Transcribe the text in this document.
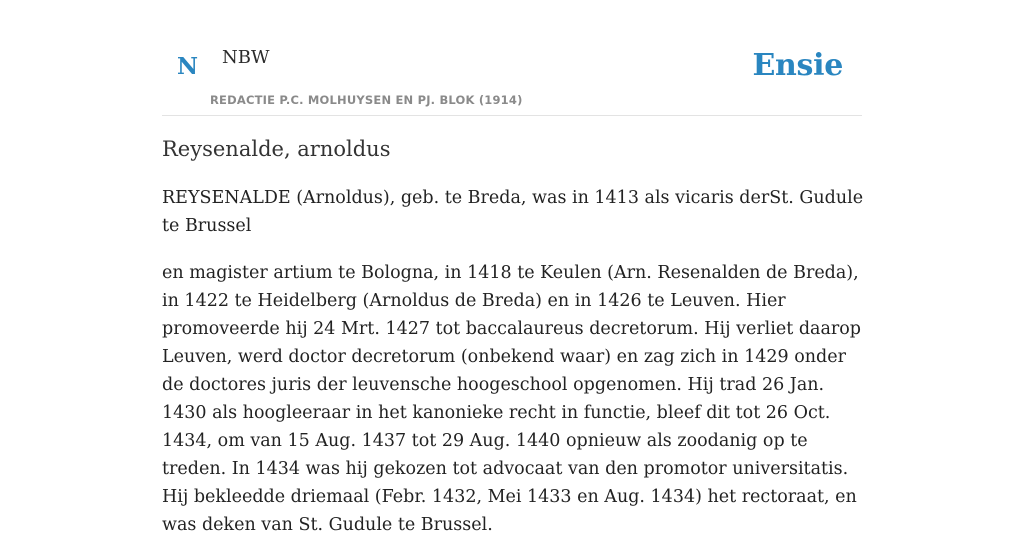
N NBW
REDACTIE P.C. MOLHUYSEN EN PJ. BLOK (1914)
Ensie
Reysenalde, arnoldus

REYSENALDE (Arnoldus), geb. te Breda, was in 1413 als vicaris derSt. Gudule te Brussel

en magister artium te Bologna, in 1418 te Keulen (Arn. Resenalden de Breda), in 1422 te Heidelberg (Arnoldus de Breda) en in 1426 te Leuven. Hier promoveerde hij 24 Mrt. 1427 tot baccalaureus decretorum. Hij verliet daarop Leuven, werd doctor decretorum (onbekend waar) en zag zich in 1429 onder de doctores juris der leuvensche hoogeschool opgenomen. Hij trad 26 Jan. 1430 als hoogleeraar in het kanonieke recht in functie, bleef dit tot 26 Oct. 1434, om van 15 Aug. 1437 tot 29 Aug. 1440 opnieuw als zoodanig op te treden. In 1434 was hij gekozen tot advocaat van den promotor universitatis. Hij bekleedde driemaal (Febr. 1432, Mei 1433 en Aug. 1434) het rectoraat, en was deken van St. Gudule te Brussel.
